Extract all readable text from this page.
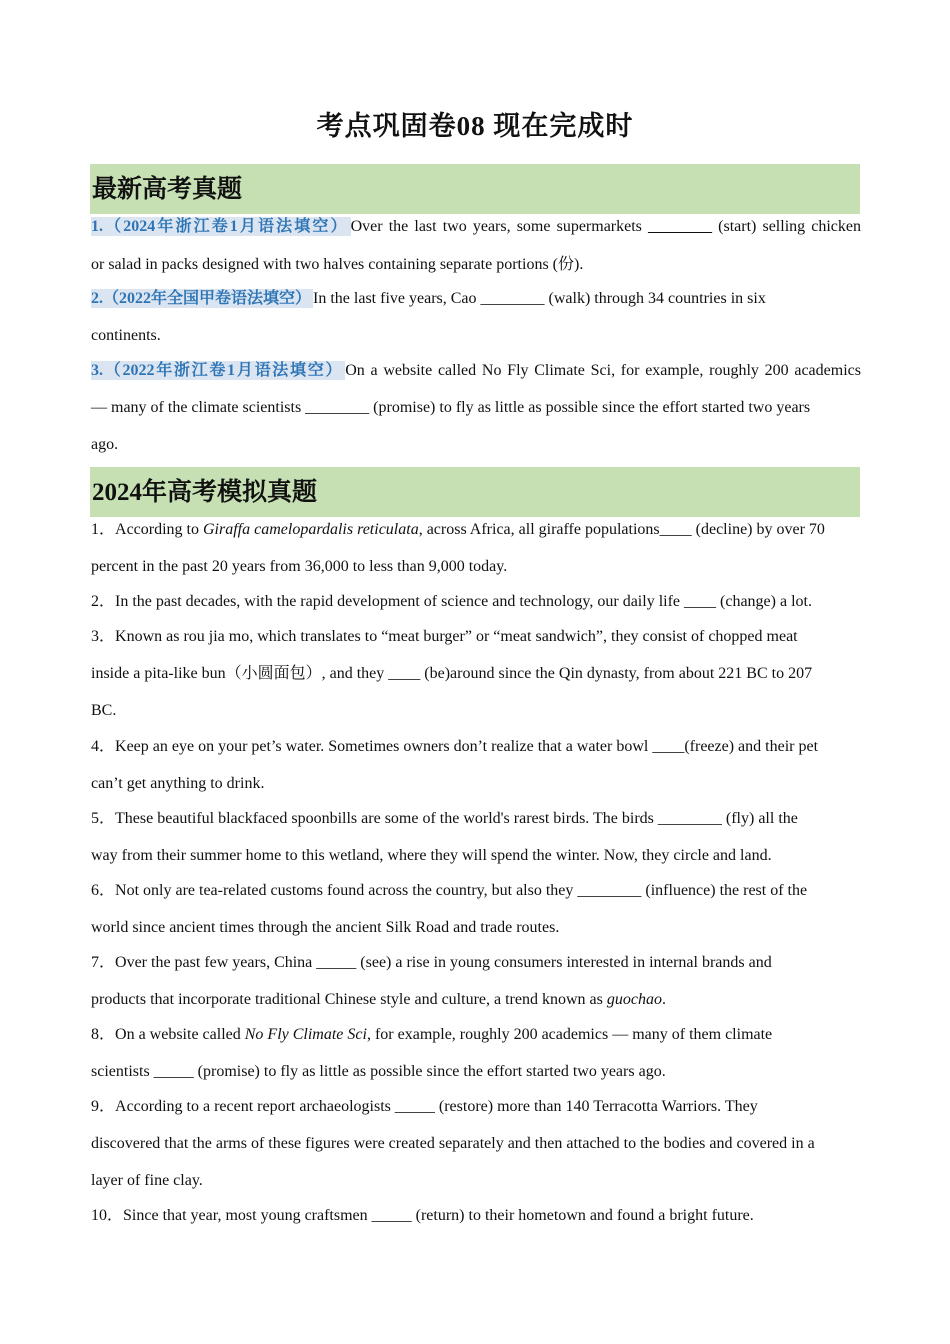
考点巩固卷08 现在完成时
最新高考真题
1.（2024年浙江卷1月语法填空） Over the last two years, some supermarkets ________ (start) selling chicken
or salad in packs designed with two halves containing separate portions (份).
2.（2022年全国甲卷语法填空） In the last five years, Cao ________ (walk) through 34 countries in six
continents.
3.（2022年浙江卷1月语法填空） On a website called No Fly Climate Sci, for example, roughly 200 academics
— many of the climate scientists ________ (promise) to fly as little as possible since the effort started two years
ago.
2024年高考模拟真题
1．According to Giraffa camelopardalis reticulata, across Africa, all giraffe populations____ (decline) by over 70
percent in the past 20 years from 36,000 to less than 9,000 today.
2．In the past decades, with the rapid development of science and technology, our daily life ____ (change) a lot.
3．Known as rou jia mo, which translates to “meat burger” or “meat sandwich”, they consist of chopped meat
inside a pita-like bun（小圆面包）, and they ____ (be)around since the Qin dynasty, from about 221 BC to 207
BC.
4．Keep an eye on your pet’s water. Sometimes owners don’t realize that a water bowl ____(freeze) and their pet
can’t get anything to drink.
5．These beautiful blackfaced spoonbills are some of the world's rarest birds. The birds ________ (fly) all the
way from their summer home to this wetland, where they will spend the winter. Now, they circle and land.
6．Not only are tea-related customs found across the country, but also they ________ (influence) the rest of the
world since ancient times through the ancient Silk Road and trade routes.
7．Over the past few years, China _____ (see) a rise in young consumers interested in internal brands and
products that incorporate traditional Chinese style and culture, a trend known as guochao.
8．On a website called No Fly Climate Sci, for example, roughly 200 academics — many of them climate
scientists _____ (promise) to fly as little as possible since the effort started two years ago.
9．According to a recent report archaeologists _____ (restore) more than 140 Terracotta Warriors. They
discovered that the arms of these figures were created separately and then attached to the bodies and covered in a
layer of fine clay.
10．Since that year, most young craftsmen _____ (return) to their hometown and found a bright future.
